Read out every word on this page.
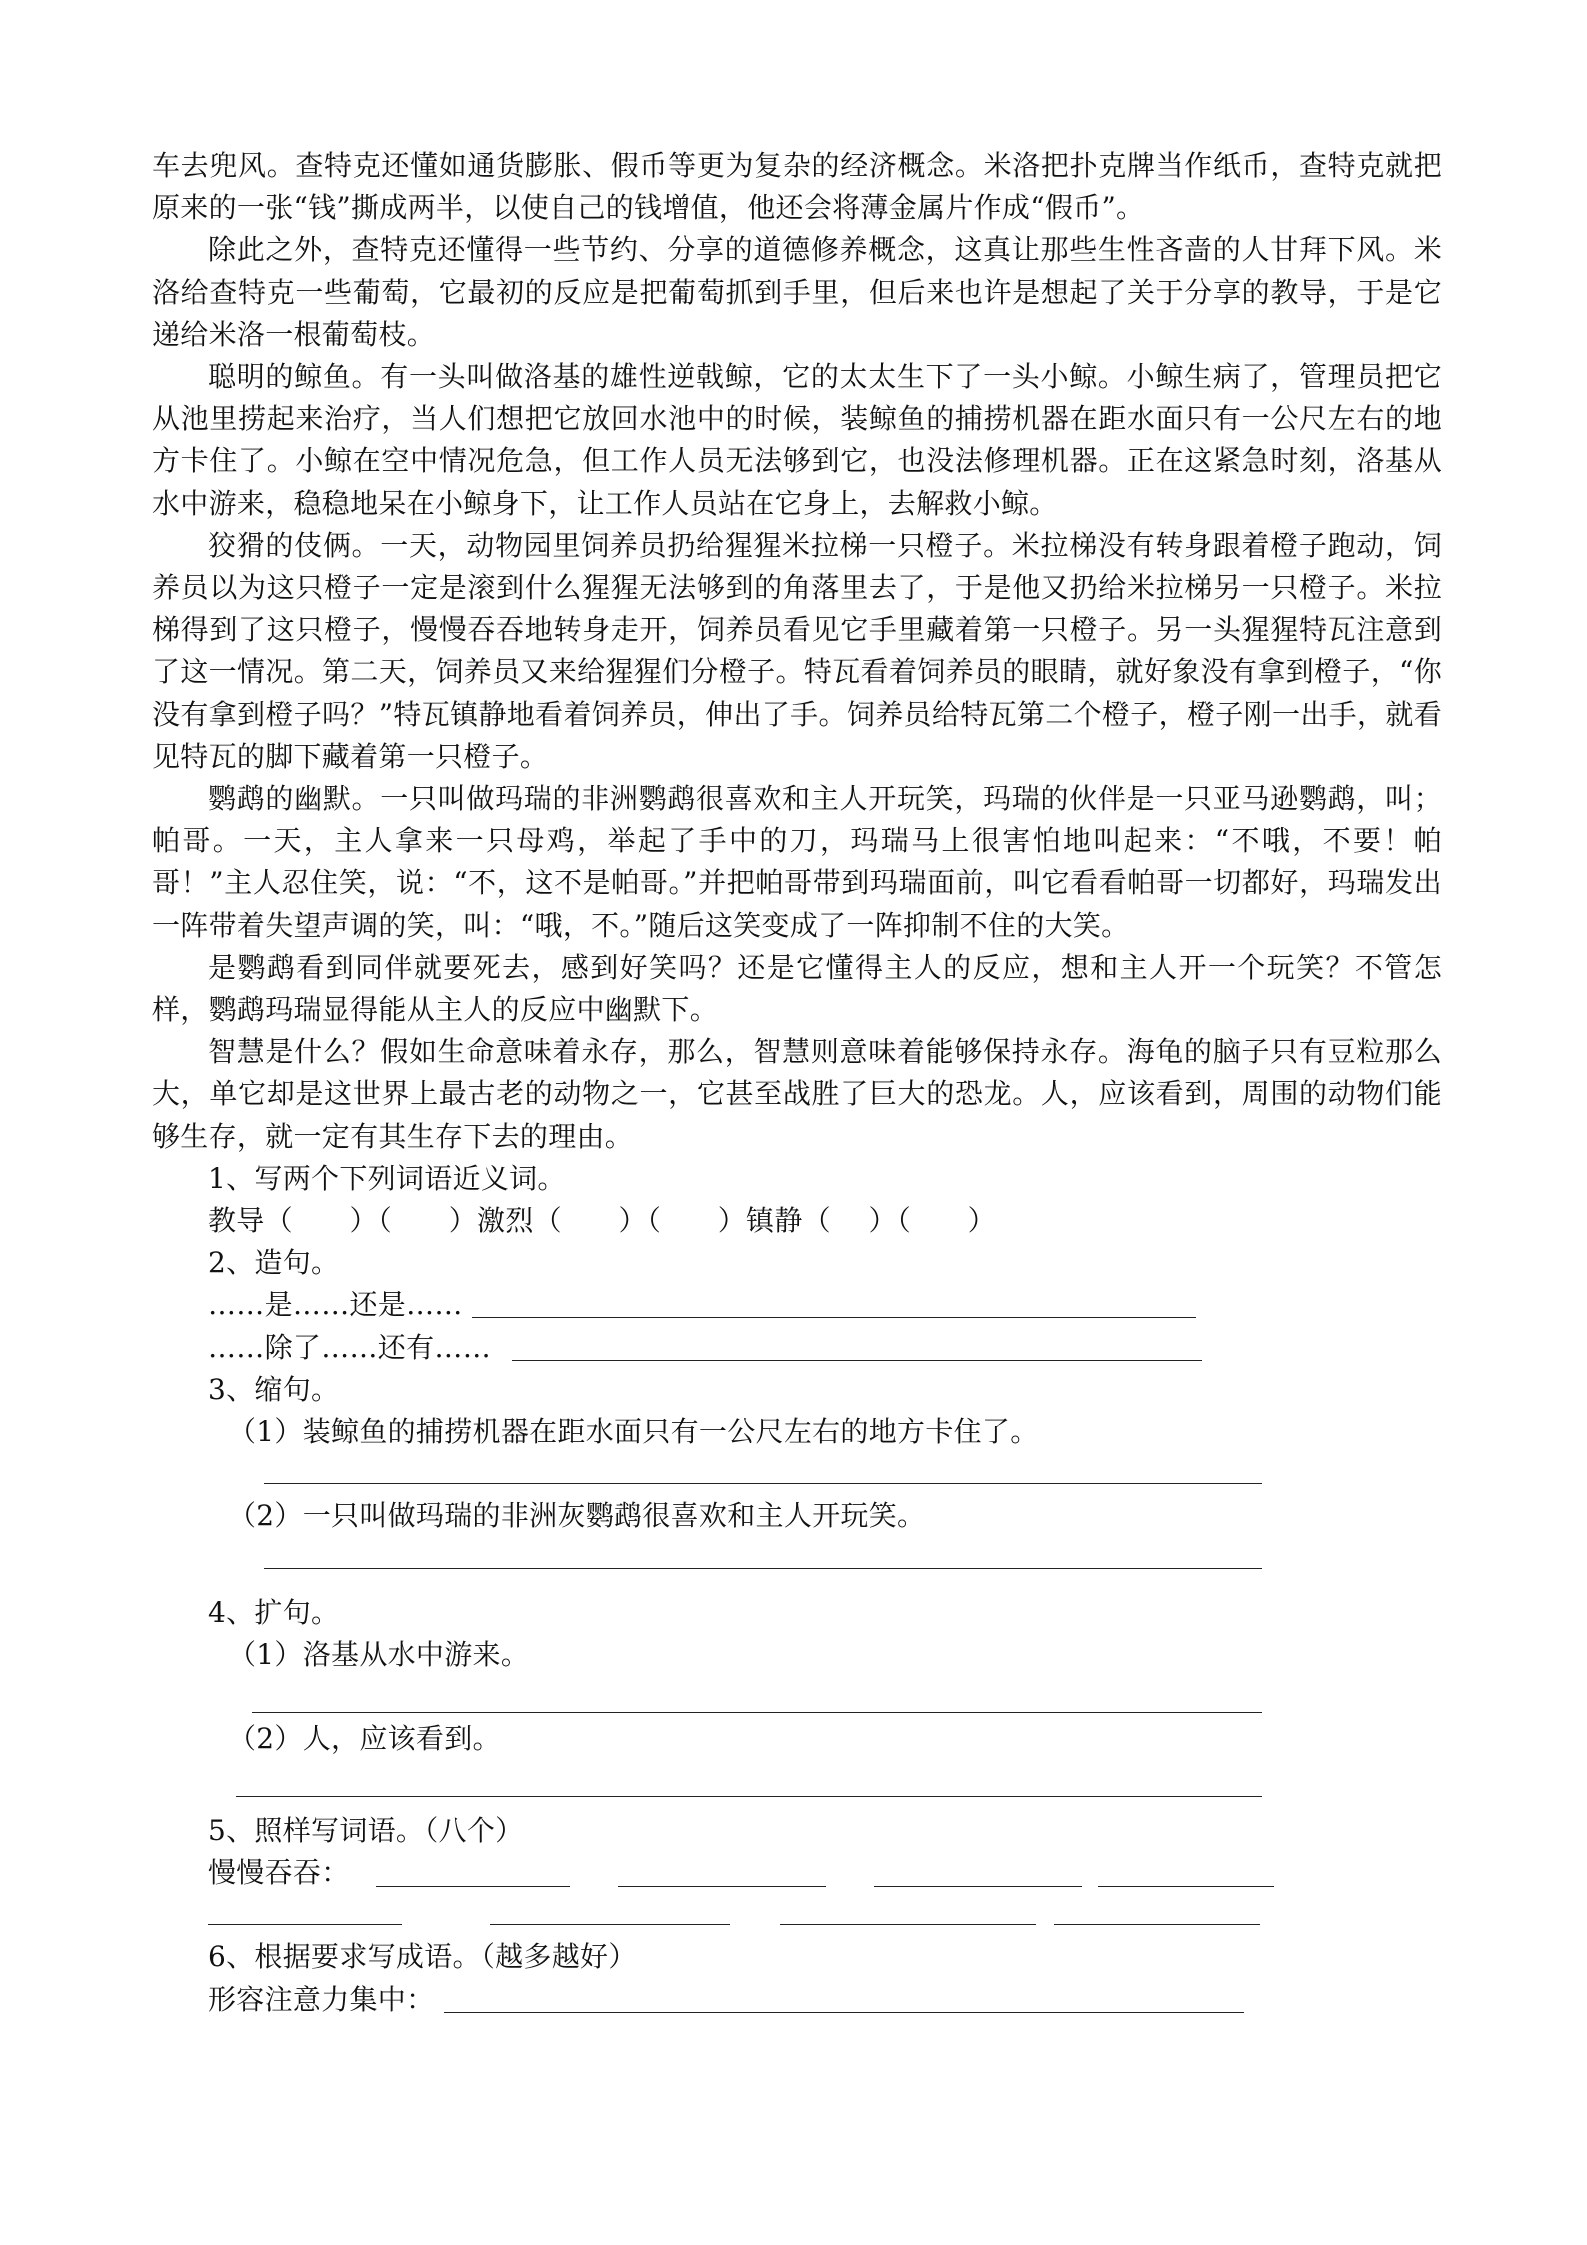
车去兜风。查特克还懂如通货膨胀、假币等更为复杂的经济概念。米洛把扑克牌当作纸币，查特克就把原来的一张“钱”撕成两半，以使自己的钱增值，他还会将薄金属片作成“假币”。

除此之外，查特克还懂得一些节约、分享的道德修养概念，这真让那些生性吝啬的人甘拜下风。米洛给查特克一些葡萄，它最初的反应是把葡萄抓到手里，但后来也许是想起了关于分享的教导，于是它递给米洛一根葡萄枝。

聪明的鲸鱼。有一头叫做洛基的雄性逆戟鲸，它的太太生下了一头小鲸。小鲸生病了，管理员把它从池里捞起来治疗，当人们想把它放回水池中的时候，装鲸鱼的捕捞机器在距水面只有一公尺左右的地方卡住了。小鲸在空中情况危急，但工作人员无法够到它，也没法修理机器。正在这紧急时刻，洛基从水中游来，稳稳地呆在小鲸身下，让工作人员站在它身上，去解救小鲸。

狡猾的伎俩。一天，动物园里饲养员扔给猩猩米拉梯一只橙子。米拉梯没有转身跟着橙子跑动，饲养员以为这只橙子一定是滚到什么猩猩无法够到的角落里去了，于是他又扔给米拉梯另一只橙子。米拉梯得到了这只橙子，慢慢吞吞地转身走开，饲养员看见它手里藏着第一只橙子。另一头猩猩特瓦注意到了这一情况。第二天，饲养员又来给猩猩们分橙子。特瓦看着饲养员的眼睛，就好象没有拿到橙子，“你没有拿到橙子吗？”特瓦镇静地看着饲养员，伸出了手。饲养员给特瓦第二个橙子，橙子刚一出手，就看见特瓦的脚下藏着第一只橙子。

鹦鹉的幽默。一只叫做玛瑞的非洲鹦鹉很喜欢和主人开玩笑，玛瑞的伙伴是一只亚马逊鹦鹉，叫；帕哥。一天，主人拿来一只母鸡，举起了手中的刀，玛瑞马上很害怕地叫起来：“不哦，不要！帕哥！”主人忍住笑，说：“不，这不是帕哥。”并把帕哥带到玛瑞面前，叫它看看帕哥一切都好，玛瑞发出一阵带着失望声调的笑，叫：“哦，不。”随后这笑变成了一阵抑制不住的大笑。

是鹦鹉看到同伴就要死去，感到好笑吗？还是它懂得主人的反应，想和主人开一个玩笑？不管怎样，鹦鹉玛瑞显得能从主人的反应中幽默下。

智慧是什么？假如生命意味着永存，那么，智慧则意味着能够保持永存。海龟的脑子只有豆粒那么大，单它却是这世界上最古老的动物之一，它甚至战胜了巨大的恐龙。人，应该看到，周围的动物们能够生存，就一定有其生存下去的理由。

1、写两个下列词语近义词。
教导（　　）（　　）激烈（　　）（　　）镇静（　 ）（　　）
2、造句。
……是……还是……
……除了……还有……
3、缩句。
（1）装鲸鱼的捕捞机器在距水面只有一公尺左右的地方卡住了。
（2）一只叫做玛瑞的非洲灰鹦鹉很喜欢和主人开玩笑。
4、扩句。
（1）洛基从水中游来。
（2）人，应该看到。
5、照样写词语。（八个）
慢慢吞吞：
6、根据要求写成语。（越多越好）
形容注意力集中：
